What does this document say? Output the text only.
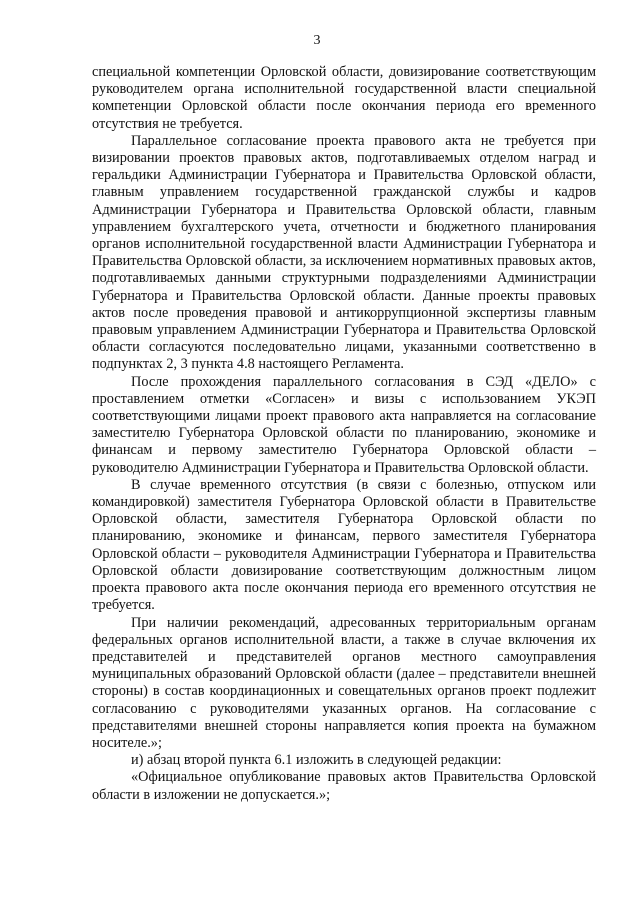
3

специальной компетенции Орловской области, довизирование соответствующим руководителем органа исполнительной государственной власти специальной компетенции Орловской области после окончания периода его временного отсутствия не требуется.

Параллельное согласование проекта правового акта не требуется при визировании проектов правовых актов, подготавливаемых отделом наград и геральдики Администрации Губернатора и Правительства Орловской области, главным управлением государственной гражданской службы и кадров Администрации Губернатора и Правительства Орловской области, главным управлением бухгалтерского учета, отчетности и бюджетного планирования органов исполнительной государственной власти Администрации Губернатора и Правительства Орловской области, за исключением нормативных правовых актов, подготавливаемых данными структурными подразделениями Администрации Губернатора и Правительства Орловской области. Данные проекты правовых актов после проведения правовой и антикоррупционной экспертизы главным правовым управлением Администрации Губернатора и Правительства Орловской области согласуются последовательно лицами, указанными соответственно в подпунктах 2, 3 пункта 4.8 настоящего Регламента.

После прохождения параллельного согласования в СЭД «ДЕЛО» с проставлением отметки «Согласен» и визы с использованием УКЭП соответствующими лицами проект правового акта направляется на согласование заместителю Губернатора Орловской области по планированию, экономике и финансам и первому заместителю Губернатора Орловской области – руководителю Администрации Губернатора и Правительства Орловской области.

В случае временного отсутствия (в связи с болезнью, отпуском или командировкой) заместителя Губернатора Орловской области в Правительстве Орловской области, заместителя Губернатора Орловской области по планированию, экономике и финансам, первого заместителя Губернатора Орловской области – руководителя Администрации Губернатора и Правительства Орловской области довизирование соответствующим должностным лицом проекта правового акта после окончания периода его временного отсутствия не требуется.

При наличии рекомендаций, адресованных территориальным органам федеральных органов исполнительной власти, а также в случае включения их представителей и представителей органов местного самоуправления муниципальных образований Орловской области (далее – представители внешней стороны) в состав координационных и совещательных органов проект подлежит согласованию с руководителями указанных органов. На согласование с представителями внешней стороны направляется копия проекта на бумажном носителе.»;

и) абзац второй пункта 6.1 изложить в следующей редакции:

«Официальное опубликование правовых актов Правительства Орловской области в изложении не допускается.»;
